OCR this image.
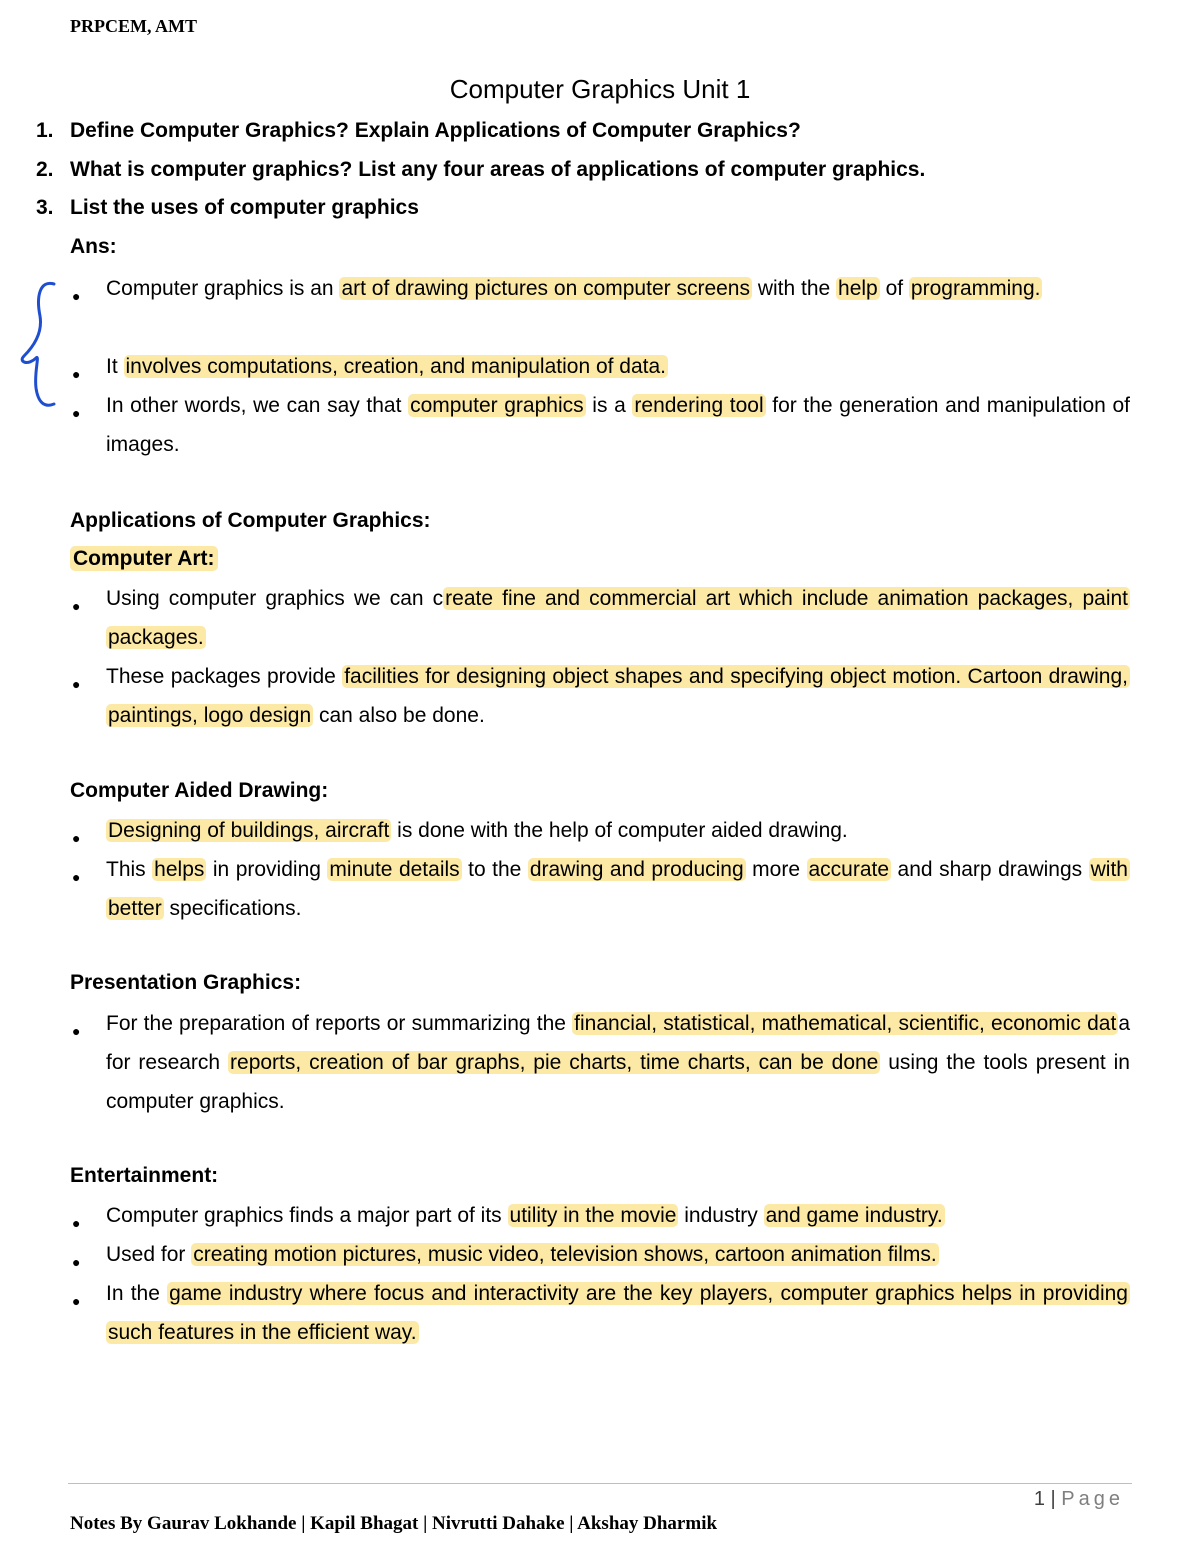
PRPCEM, AMT
Computer Graphics Unit 1
1. Define Computer Graphics? Explain Applications of Computer Graphics?
2. What is computer graphics? List any four areas of applications of computer graphics.
3. List the uses of computer graphics
Ans:
● Computer graphics is an art of drawing pictures on computer screens with the help of programming.
● It involves computations, creation, and manipulation of data.
● In other words, we can say that computer graphics is a rendering tool for the generation and manipulation of images.
Applications of Computer Graphics:
Computer Art:
● Using computer graphics we can create fine and commercial art which include animation packages, paint packages.
● These packages provide facilities for designing object shapes and specifying object motion. Cartoon drawing, paintings, logo design can also be done.
Computer Aided Drawing:
● Designing of buildings, aircraft is done with the help of computer aided drawing.
● This helps in providing minute details to the drawing and producing more accurate and sharp drawings with better specifications.
Presentation Graphics:
● For the preparation of reports or summarizing the financial, statistical, mathematical, scientific, economic data for research reports, creation of bar graphs, pie charts, time charts, can be done using the tools present in computer graphics.
Entertainment:
● Computer graphics finds a major part of its utility in the movie industry and game industry.
● Used for creating motion pictures, music video, television shows, cartoon animation films.
● In the game industry where focus and interactivity are the key players, computer graphics helps in providing such features in the efficient way.
1 | Page
Notes By Gaurav Lokhande | Kapil Bhagat | Nivrutti Dahake | Akshay Dharmik
